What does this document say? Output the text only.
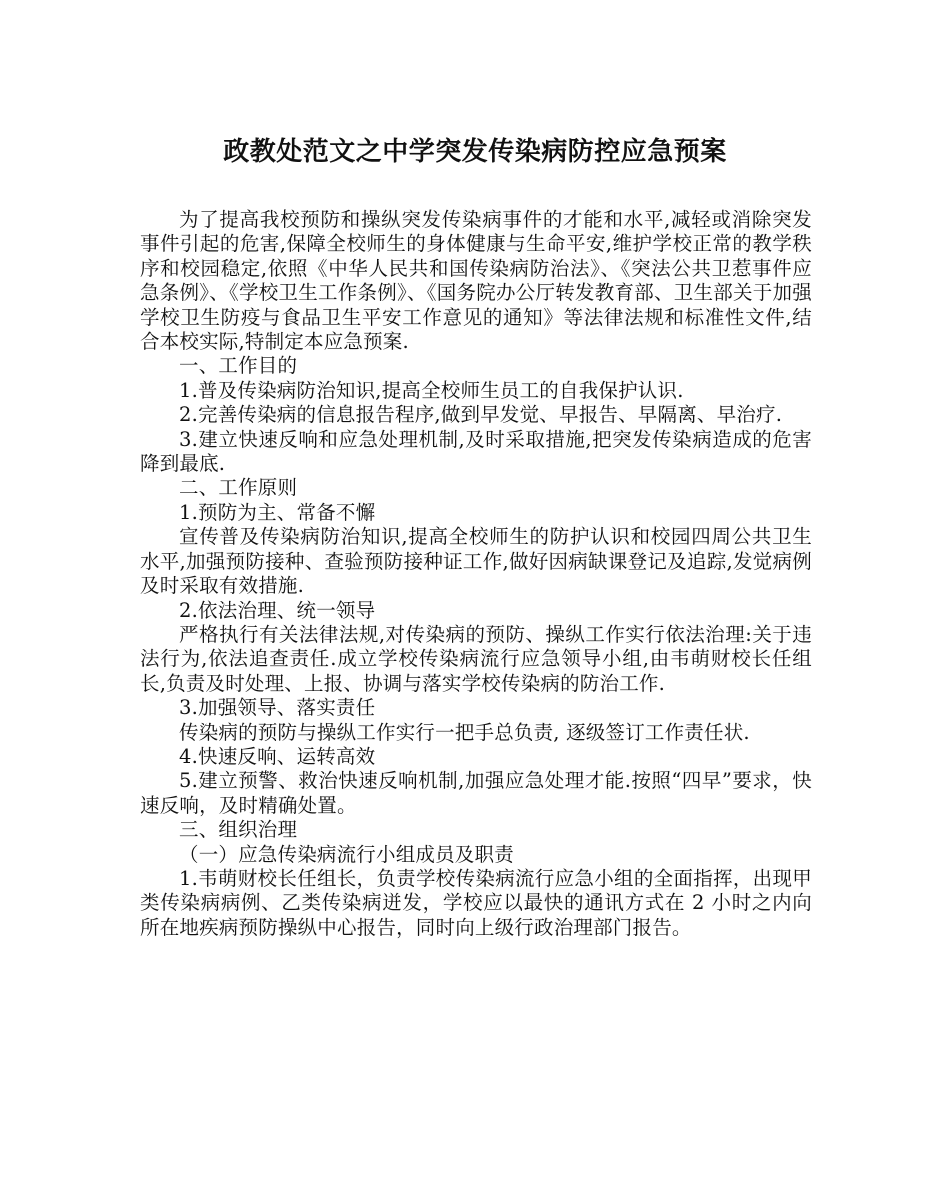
政教处范文之中学突发传染病防控应急预案

为了提高我校预防和操纵突发传染病事件的才能和水平,减轻或消除突发事件引起的危害,保障全校师生的身体健康与生命平安,维护学校正常的教学秩序和校园稳定,依照《中华人民共和国传染病防治法》、《突法公共卫惹事件应急条例》、《学校卫生工作条例》、《国务院办公厅转发教育部、卫生部关于加强学校卫生防疫与食品卫生平安工作意见的通知》等法律法规和标准性文件,结合本校实际,特制定本应急预案.

一、工作目的

1.普及传染病防治知识,提高全校师生员工的自我保护认识.

2.完善传染病的信息报告程序,做到早发觉、早报告、早隔离、早治疗.

3.建立快速反响和应急处理机制,及时采取措施,把突发传染病造成的危害降到最底.

二、工作原则

1.预防为主、常备不懈

宣传普及传染病防治知识,提高全校师生的防护认识和校园四周公共卫生水平,加强预防接种、查验预防接种证工作,做好因病缺课登记及追踪,发觉病例及时采取有效措施.

2.依法治理、统一领导

严格执行有关法律法规,对传染病的预防、操纵工作实行依法治理:关于违法行为,依法追查责任.成立学校传染病流行应急领导小组,由韦萌财校长任组长,负责及时处理、上报、协调与落实学校传染病的防治工作.

3.加强领导、落实责任

传染病的预防与操纵工作实行一把手总负责, 逐级签订工作责任状.

4.快速反响、运转高效

5.建立预警、救治快速反响机制,加强应急处理才能.按照“四早”要求，快速反响，及时精确处置。

三、组织治理

（一）应急传染病流行小组成员及职责

1.韦萌财校长任组长，负责学校传染病流行应急小组的全面指挥，出现甲类传染病病例、乙类传染病迸发，学校应以最快的通讯方式在 2 小时之内向所在地疾病预防操纵中心报告，同时向上级行政治理部门报告。
